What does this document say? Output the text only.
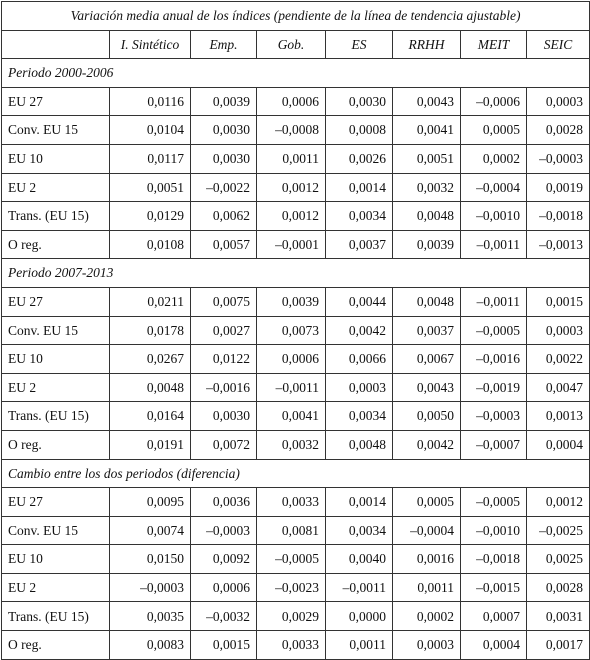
Variación media anual de los índices (pendiente de la línea de tendencia ajustable)							
	I. Sintético	Emp.	Gob.	ES	RRHH	MEIT	SEIC
Periodo 2000-2006							
EU 27	0,0116	0,0039	0,0006	0,0030	0,0043	–0,0006	0,0003
Conv. EU 15	0,0104	0,0030	–0,0008	0,0008	0,0041	0,0005	0,0028
EU 10	0,0117	0,0030	0,0011	0,0026	0,0051	0,0002	–0,0003
EU 2	0,0051	–0,0022	0,0012	0,0014	0,0032	–0,0004	0,0019
Trans. (EU 15)	0,0129	0,0062	0,0012	0,0034	0,0048	–0,0010	–0,0018
O reg.	0,0108	0,0057	–0,0001	0,0037	0,0039	–0,0011	–0,0013
Periodo 2007-2013							
EU 27	0,0211	0,0075	0,0039	0,0044	0,0048	–0,0011	0,0015
Conv. EU 15	0,0178	0,0027	0,0073	0,0042	0,0037	–0,0005	0,0003
EU 10	0,0267	0,0122	0,0006	0,0066	0,0067	–0,0016	0,0022
EU 2	0,0048	–0,0016	–0,0011	0,0003	0,0043	–0,0019	0,0047
Trans. (EU 15)	0,0164	0,0030	0,0041	0,0034	0,0050	–0,0003	0,0013
O reg.	0,0191	0,0072	0,0032	0,0048	0,0042	–0,0007	0,0004
Cambio entre los dos periodos (diferencia)							
EU 27	0,0095	0,0036	0,0033	0,0014	0,0005	–0,0005	0,0012
Conv. EU 15	0,0074	–0,0003	0,0081	0,0034	–0,0004	–0,0010	–0,0025
EU 10	0,0150	0,0092	–0,0005	0,0040	0,0016	–0,0018	0,0025
EU 2	–0,0003	0,0006	–0,0023	–0,0011	0,0011	–0,0015	0,0028
Trans. (EU 15)	0,0035	–0,0032	0,0029	0,0000	0,0002	0,0007	0,0031
O reg.	0,0083	0,0015	0,0033	0,0011	0,0003	0,0004	0,0017
